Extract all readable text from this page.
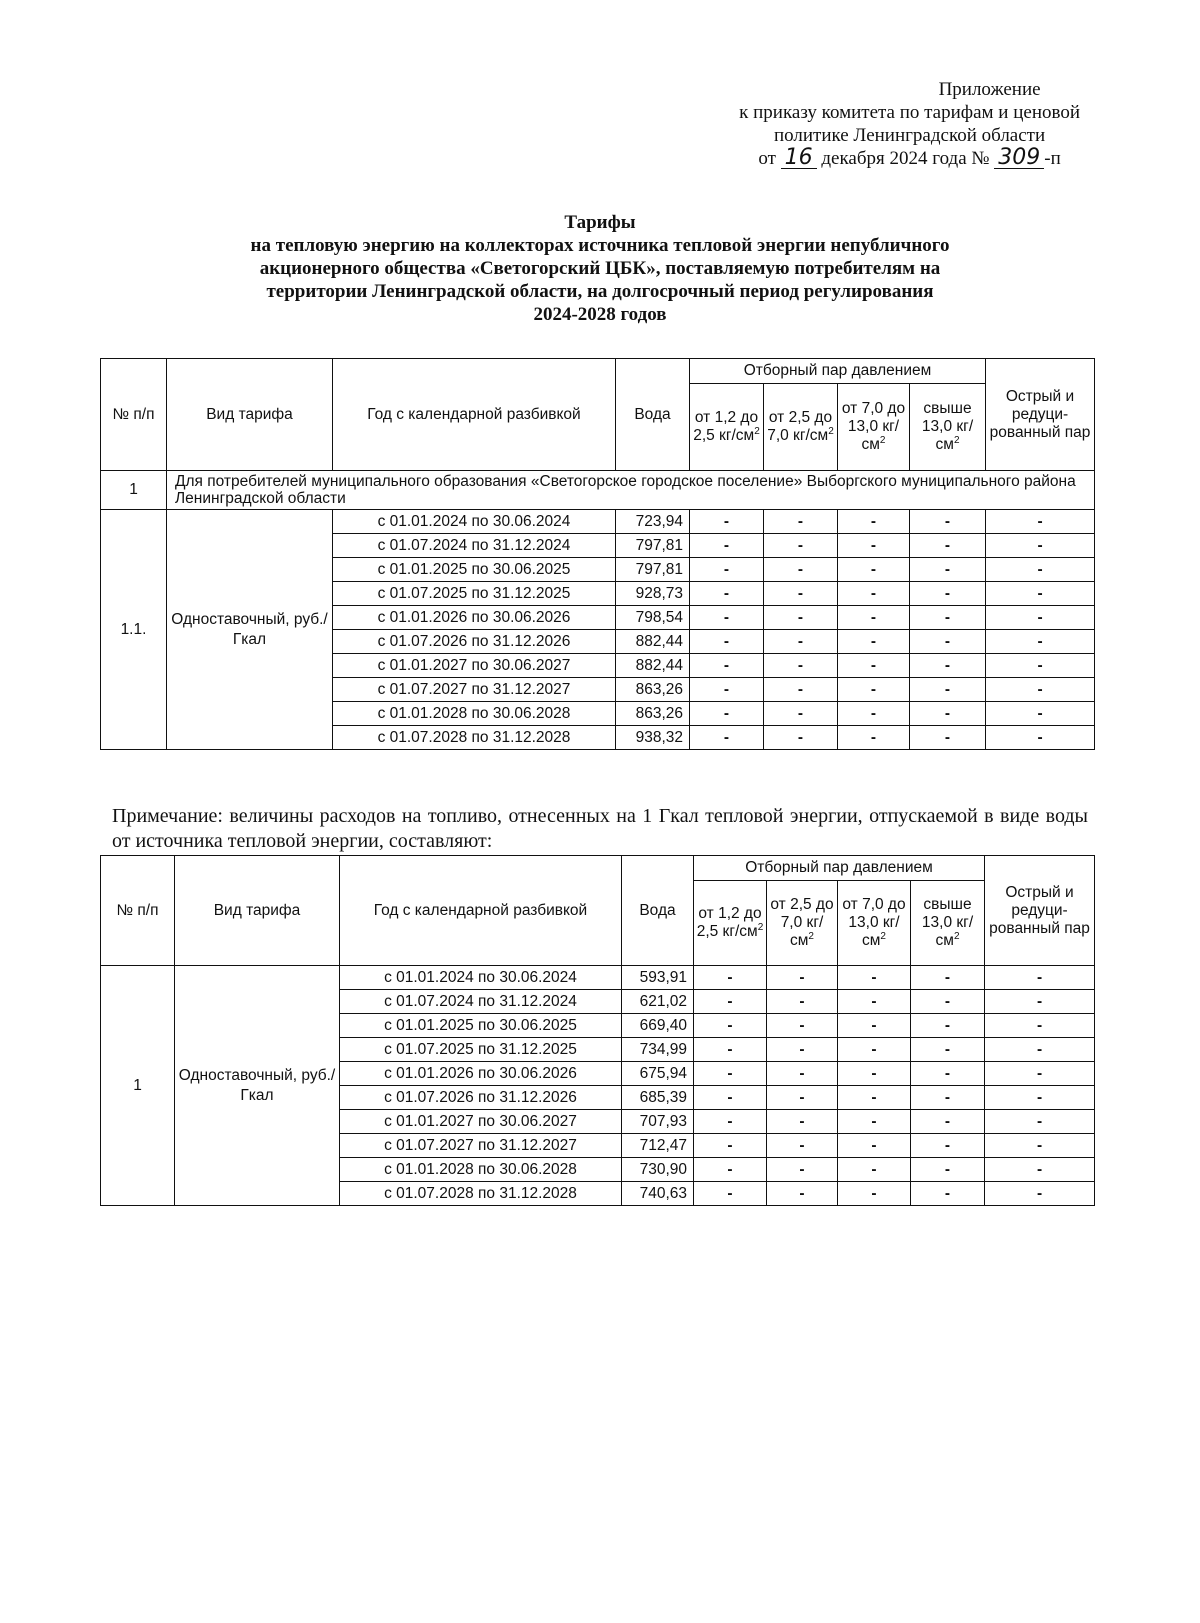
Приложение
к приказу комитета по тарифам и ценовой
политике Ленинградской области
от 16 декабря 2024 года № 309 -п
Тарифы
на тепловую энергию на коллекторах источника тепловой энергии непубличного
акционерного общества «Светогорский ЦБК», поставляемую потребителям на
территории Ленинградской области, на долгосрочный период регулирования
2024-2028 годов
№ п/п	Вид тарифа	Год с календарной разбивкой	Вода	Отборный пар давлением				Острый и редуци-рованный пар
				от 1,2 до 2,5 $кг/см^2$	от 2,5 до 7,0 $кг/см^2$	от 7,0 до 13,0 $кг/см^2$	свыше 13,0 $кг/см^2$
1	Для потребителей муниципального образования «Светогорское городское поселение» Выборгского муниципального района Ленинградской области							
1.1.	Одноставочный, руб./Гкал	с 01.01.2024 по 30.06.2024	723,94	-	-	-	-	-
		с 01.07.2024 по 31.12.2024	797,81	-	-	-	-	-
		с 01.01.2025 по 30.06.2025	797,81	-	-	-	-	-
		с 01.07.2025 по 31.12.2025	928,73	-	-	-	-	-
		с 01.01.2026 по 30.06.2026	798,54	-	-	-	-	-
		с 01.07.2026 по 31.12.2026	882,44	-	-	-	-	-
		с 01.01.2027 по 30.06.2027	882,44	-	-	-	-	-
		с 01.07.2027 по 31.12.2027	863,26	-	-	-	-	-
		с 01.01.2028 по 30.06.2028	863,26	-	-	-	-	-
		с 01.07.2028 по 31.12.2028	938,32	-	-	-	-	-
Примечание: величины расходов на топливо, отнесенных на 1 Гкал тепловой энергии, отпускаемой в виде воды от источника тепловой энергии, составляют:
№ п/п	Вид тарифа	Год с календарной разбивкой	Вода	Отборный пар давлением				Острый и редуци-рованный пар
				от 1,2 до 2,5 $кг/см^2$	от 2,5 до 7,0 $кг/см^2$	от 7,0 до 13,0 $кг/см^2$	свыше 13,0 $кг/см^2$
1	Одноставочный, руб./Гкал	с 01.01.2024 по 30.06.2024	593,91	-	-	-	-	-
		с 01.07.2024 по 31.12.2024	621,02	-	-	-	-	-
		с 01.01.2025 по 30.06.2025	669,40	-	-	-	-	-
		с 01.07.2025 по 31.12.2025	734,99	-	-	-	-	-
		с 01.01.2026 по 30.06.2026	675,94	-	-	-	-	-
		с 01.07.2026 по 31.12.2026	685,39	-	-	-	-	-
		с 01.01.2027 по 30.06.2027	707,93	-	-	-	-	-
		с 01.07.2027 по 31.12.2027	712,47	-	-	-	-	-
		с 01.01.2028 по 30.06.2028	730,90	-	-	-	-	-
		с 01.07.2028 по 31.12.2028	740,63	-	-	-	-	-
